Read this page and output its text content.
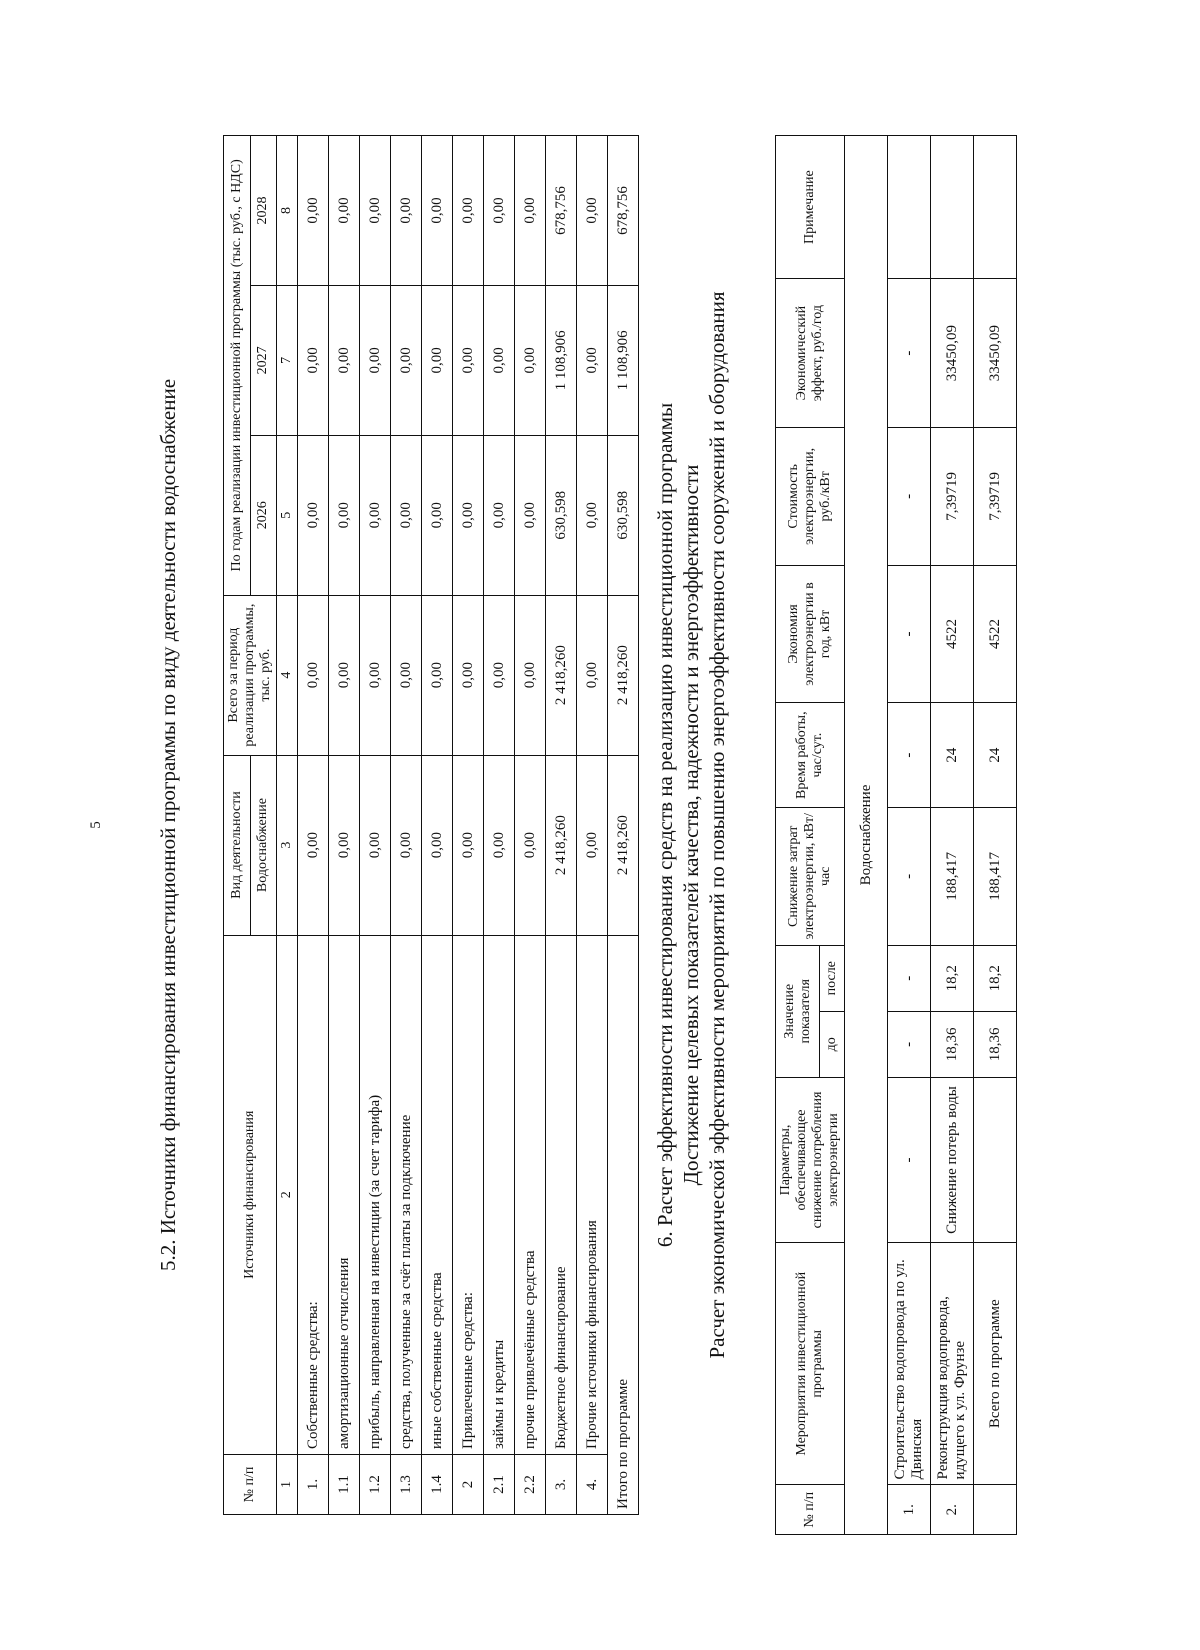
5 5.2. Источники финансирования инвестиционной программы по виду деятельности водоснабжение
№ п/п	Источники финансирования	Вид деятельности	Всего за период реализации программы, тыс. руб.	По годам реализации инвестиционной программы (тыс. руб., с НДС)		
		Водоснабжение		2026	2027	2028
1	2	3	4	5	7	8
1.	Собственные средства:	0,00	0,00	0,00	0,00	0,00
1.1	амортизационные отчисления	0,00	0,00	0,00	0,00	0,00
1.2	прибыль, направленная на инвестиции (за счет тарифа)	0,00	0,00	0,00	0,00	0,00
1.3	средства, полученные за счёт платы за подключение	0,00	0,00	0,00	0,00	0,00
1.4	иные собственные средства	0,00	0,00	0,00	0,00	0,00
2	Привлеченные средства:	0,00	0,00	0,00	0,00	0,00
2.1	займы и кредиты	0,00	0,00	0,00	0,00	0,00
2.2	прочие привлечённые средства	0,00	0,00	0,00	0,00	0,00
3.	Бюджетное финансирование	2 418,260	2 418,260	630,598	1 108,906	678,756
4.	Прочие источники финансирования	0,00	0,00	0,00	0,00	0,00
Итого по программе		2 418,260	2 418,260	630,598	1 108,906	678,756
6. Расчет эффективности инвестирования средств на реализацию инвестиционной программы Достижение целевых показателей качества, надежности и энергоэффективности Расчет экономической эффективности мероприятий по повышению энергоэффективности сооружений и оборудования
№ п/п	Мероприятия инвестиционной программы	Параметры, обеспечивающее снижение потребления электроэнергии	Значение показателя		Снижение затрат электроэнергии, кВт/час	Время работы, час/сут.	Экономия электроэнергии в год, кВт	Стоимость электроэнергии, руб./кВт	Экономический эффект, руб./год	Примечание
			до	после						
Водоснабжение										
1.	Строительство водопровода по ул. Двинская	-	-	-	-	-	-	-	-	
2.	Реконструкция водопровода, идущего к ул. Фрунзе	Снижение потерь воды	18,36	18,2	188,417	24	4522	7,39719	33450,09	
	Всего по программе		18,36	18,2	188,417	24	4522	7,39719	33450,09	
